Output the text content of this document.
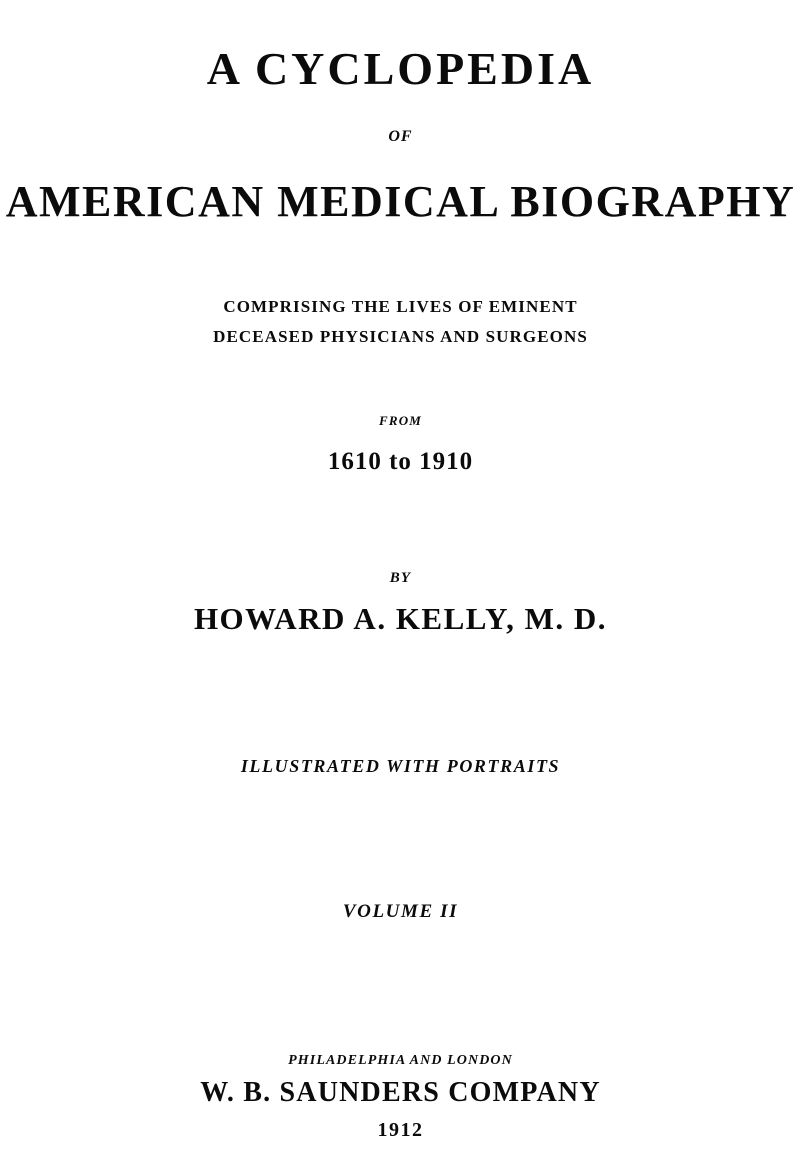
A CYCLOPEDIA
OF
AMERICAN MEDICAL BIOGRAPHY
COMPRISING THE LIVES OF EMINENT
DECEASED PHYSICIANS AND SURGEONS
FROM
1610 to 1910
BY
HOWARD A. KELLY, M. D.
ILLUSTRATED WITH PORTRAITS
VOLUME II
PHILADELPHIA AND LONDON
W. B. SAUNDERS COMPANY
1912
